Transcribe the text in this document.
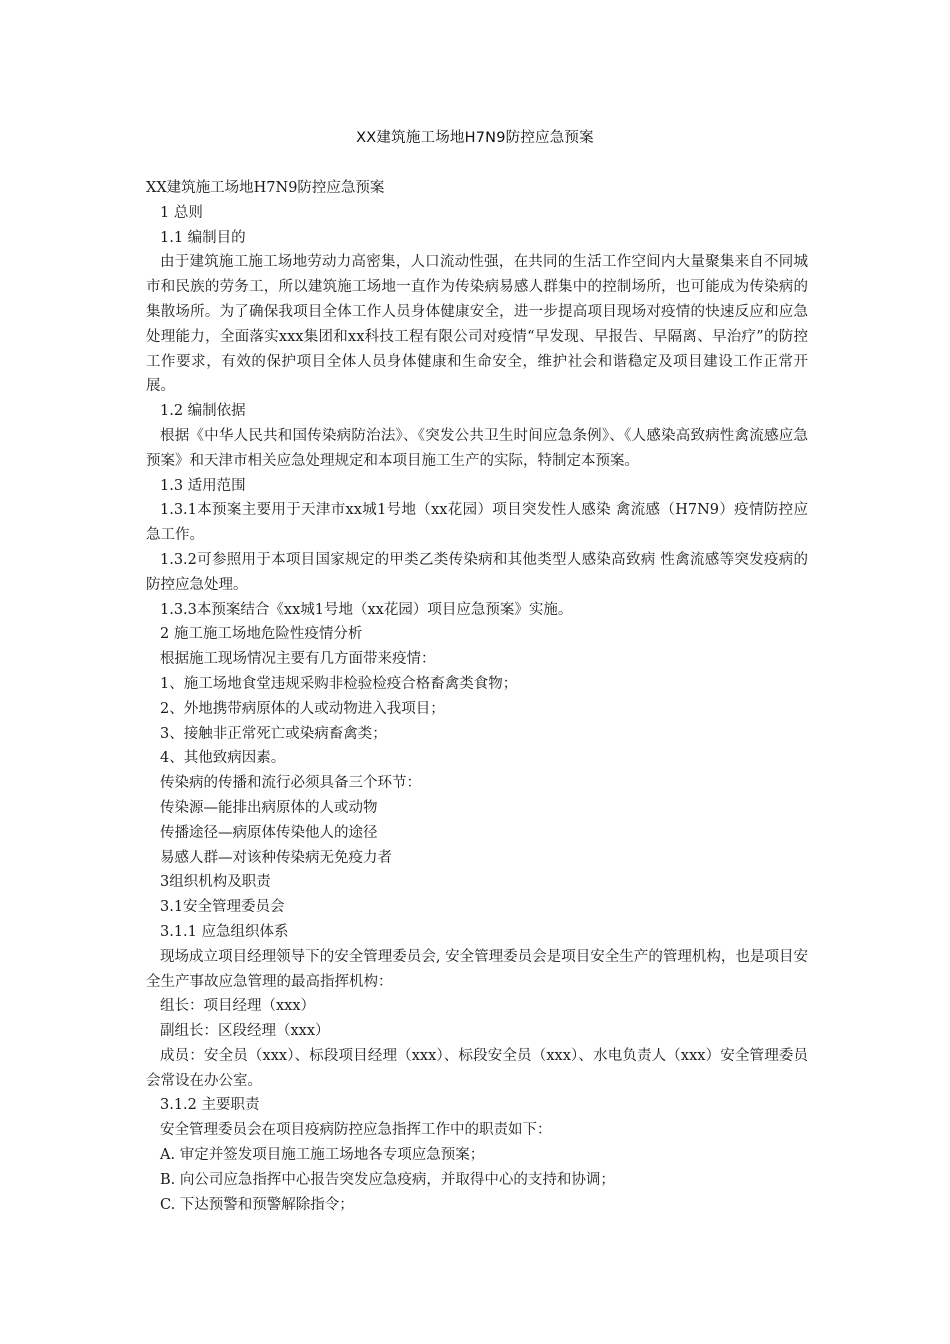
XX建筑施工场地H7N9防控应急预案

XX建筑施工场地H7N9防控应急预案

1 总则

1.1 编制目的

由于建筑施工施工场地劳动力高密集，人口流动性强，在共同的生活工作空间内大量聚集来自不同城市和民族的劳务工，所以建筑施工场地一直作为传染病易感人群集中的控制场所，也可能成为传染病的集散场所。为了确保我项目全体工作人员身体健康安全，进一步提高项目现场对疫情的快速反应和应急处理能力，全面落实xxx集团和xx科技工程有限公司对疫情“早发现、早报告、早隔离、早治疗”的防控工作要求，有效的保护项目全体人员身体健康和生命安全，维护社会和谐稳定及项目建设工作正常开展。

1.2 编制依据

根据《中华人民共和国传染病防治法》、《突发公共卫生时间应急条例》、《人感染高致病性禽流感应急预案》和天津市相关应急处理规定和本项目施工生产的实际，特制定本预案。

1.3 适用范围

1.3.1本预案主要用于天津市xx城1号地（xx花园）项目突发性人感染 禽流感（H7N9）疫情防控应急工作。

1.3.2可参照用于本项目国家规定的甲类乙类传染病和其他类型人感染高致病 性禽流感等突发疫病的防控应急处理。

1.3.3本预案结合《xx城1号地（xx花园）项目应急预案》实施。

2 施工施工场地危险性疫情分析

根据施工现场情况主要有几方面带来疫情：

1、施工场地食堂违规采购非检验检疫合格畜禽类食物；

2、外地携带病原体的人或动物进入我项目；

3、接触非正常死亡或染病畜禽类；

4、其他致病因素。

传染病的传播和流行必须具备三个环节：

传染源—能排出病原体的人或动物

传播途径—病原体传染他人的途径

易感人群—对该种传染病无免疫力者

3组织机构及职责

3.1安全管理委员会

3.1.1 应急组织体系

现场成立项目经理领导下的安全管理委员会, 安全管理委员会是项目安全生产的管理机构，也是项目安全生产事故应急管理的最高指挥机构：

组长：项目经理（xxx）

副组长：区段经理（xxx）

成员：安全员（xxx）、标段项目经理（xxx）、标段安全员（xxx）、水电负责人（xxx）安全管理委员会常设在办公室。

3.1.2 主要职责

安全管理委员会在项目疫病防控应急指挥工作中的职责如下：

A. 审定并签发项目施工施工场地各专项应急预案；

B. 向公司应急指挥中心报告突发应急疫病，并取得中心的支持和协调；

C. 下达预警和预警解除指令；
